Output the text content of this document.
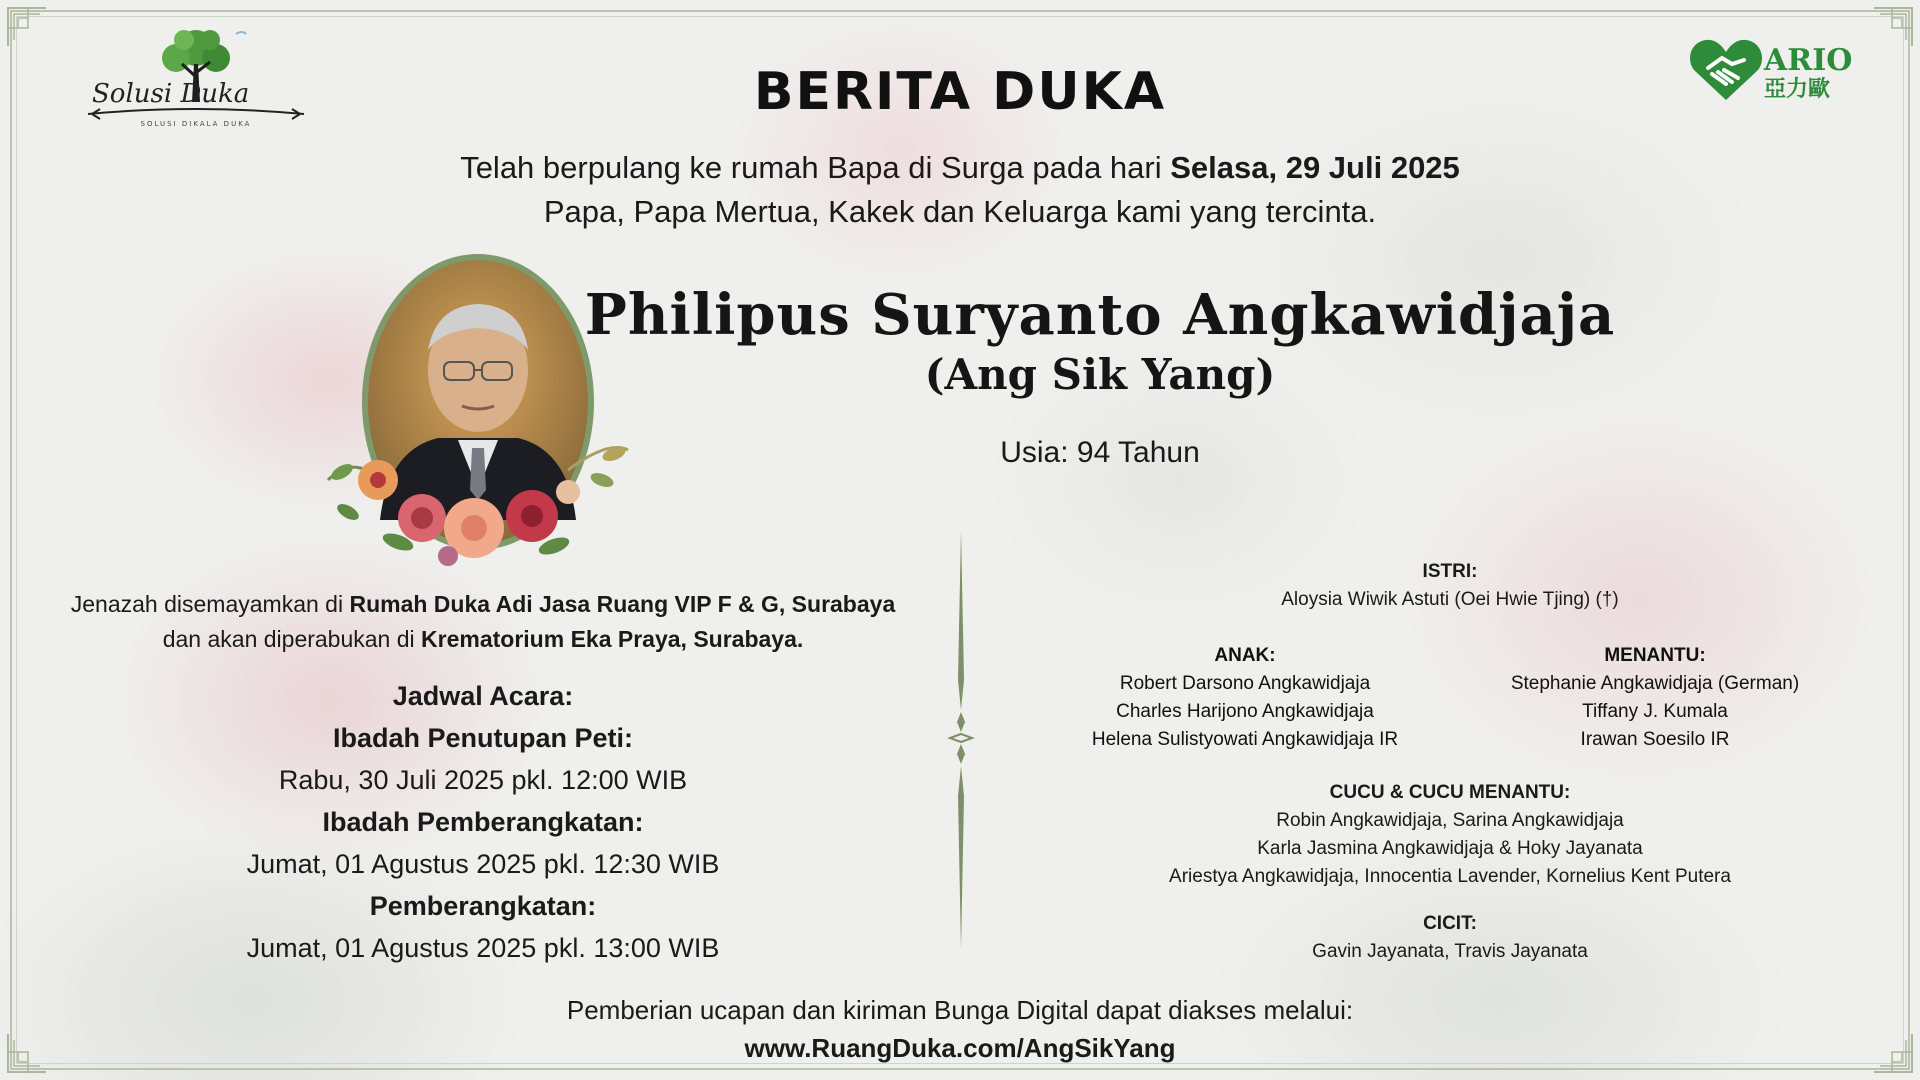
Solusi Duka
SOLUSI DIKALA DUKA
ARIO
亞力歐
BERITA DUKA
Telah berpulang ke rumah Bapa di Surga pada hari Selasa, 29 Juli 2025
Papa, Papa Mertua, Kakek dan Keluarga kami yang tercinta.
Philipus Suryanto Angkawidjaja
(Ang Sik Yang)
Usia: 94 Tahun
Jenazah disemayamkan di Rumah Duka Adi Jasa Ruang VIP F & G, Surabaya
dan akan diperabukan di Krematorium Eka Praya, Surabaya.
Jadwal Acara:
Ibadah Penutupan Peti:
Rabu, 30 Juli 2025 pkl. 12:00 WIB
Ibadah Pemberangkatan:
Jumat, 01 Agustus 2025 pkl. 12:30 WIB
Pemberangkatan:
Jumat, 01 Agustus 2025 pkl. 13:00 WIB
ISTRI:
Aloysia Wiwik Astuti (Oei Hwie Tjing) (†)
ANAK:
Robert Darsono Angkawidjaja
Charles Harijono Angkawidjaja
Helena Sulistyowati Angkawidjaja IR
MENANTU:
Stephanie Angkawidjaja (German)
Tiffany J. Kumala
Irawan Soesilo IR
CUCU & CUCU MENANTU:
Robin Angkawidjaja, Sarina Angkawidjaja
Karla Jasmina Angkawidjaja & Hoky Jayanata
Ariestya Angkawidjaja, Innocentia Lavender, Kornelius Kent Putera
CICIT:
Gavin Jayanata, Travis Jayanata
Pemberian ucapan dan kiriman Bunga Digital dapat diakses melalui:
www.RuangDuka.com/AngSikYang
